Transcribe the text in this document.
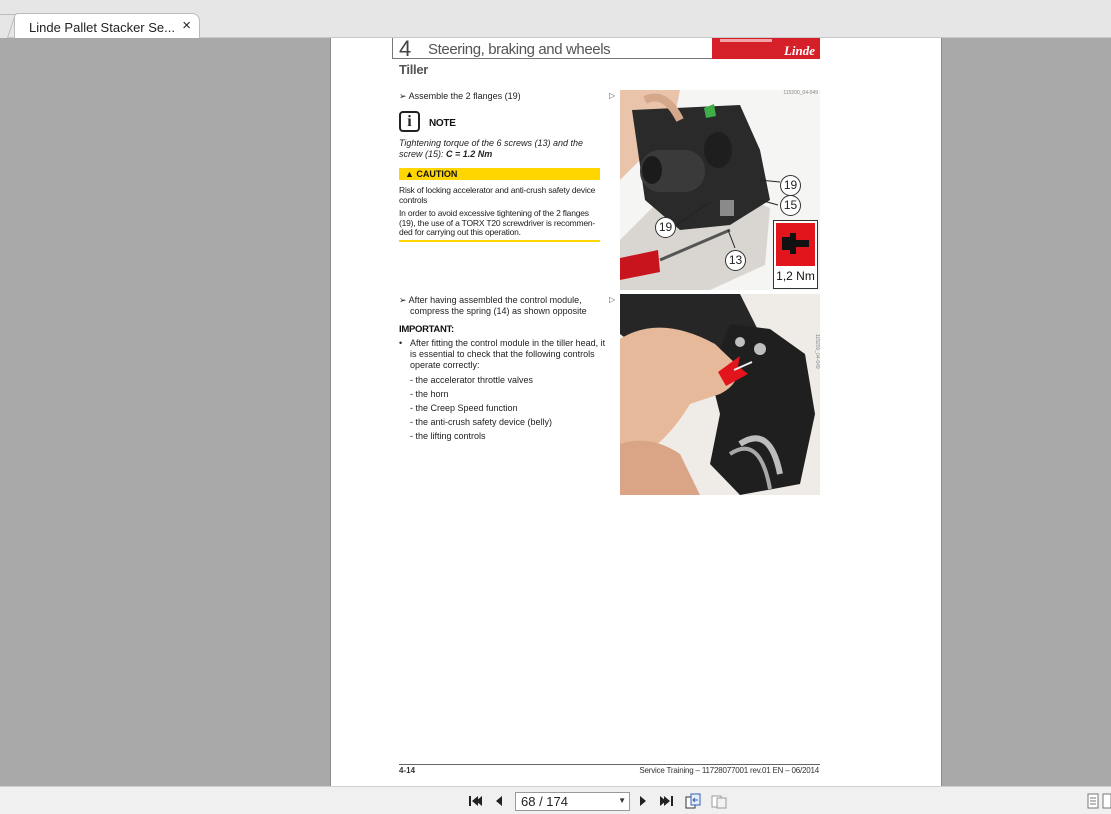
Linde Pallet Stacker Se... ×
4 Steering, braking and wheels	Linde
Tiller
➢ Assemble the 2 flanges (19)	▷
i	NOTE
Tightening torque of the 6 screws (13) and the screw (15): C = 1.2 Nm
▲ CAUTION
Risk of locking accelerator and anti-crush safety device controls
In order to avoid excessive tightening of the 2 flanges (19), the use of a TORX T20 screwdriver is recommen-ded for carrying out this operation.
115200_04-049
19
15
19
13
1,2 Nm
➢ After having assembled the control module,
compress the spring (14) as shown opposite
▷
IMPORTANT:
• After fitting the control module in the tiller head, it is essential to check that the following controls operate correctly:
- the accelerator throttle valves
- the horn
- the Creep Speed function
- the anti-crush safety device (belly)
- the lifting controls
115200_04-049
4-14	Service Training – 11728077001 rev.01 EN – 06/2014
68 / 174	▼
